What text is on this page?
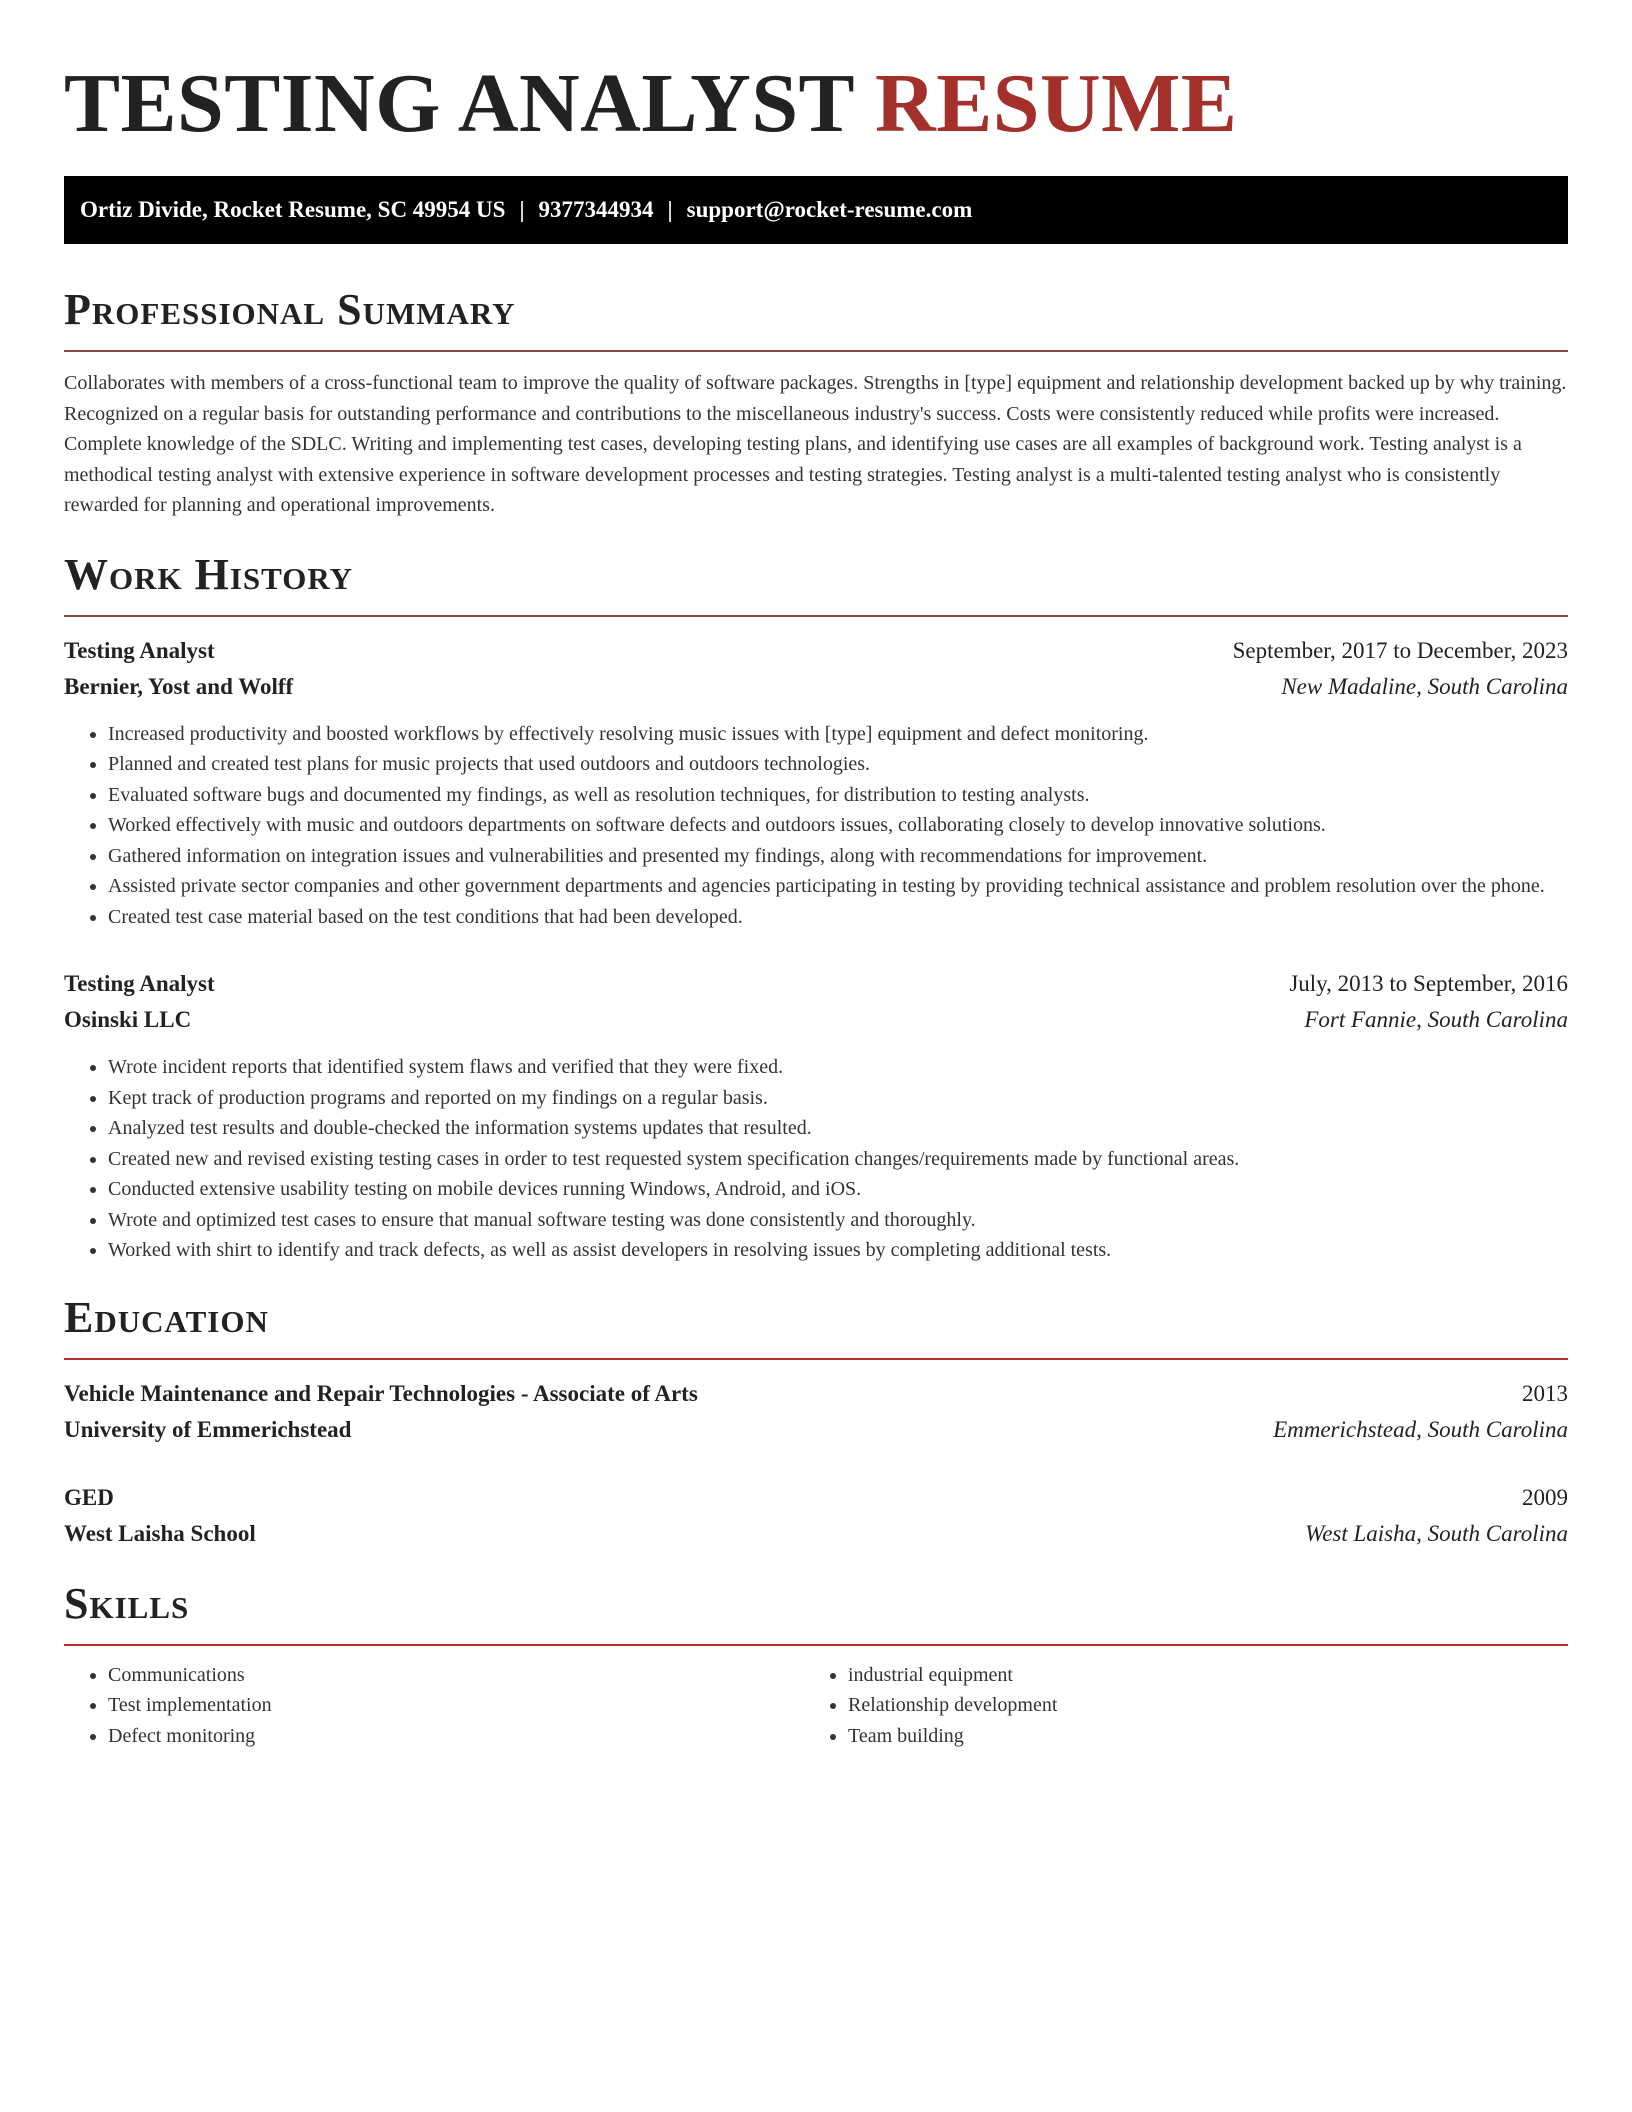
TESTING ANALYST RESUME
Ortiz Divide, Rocket Resume, SC 49954 US | 9377344934 | support@rocket-resume.com
Professional Summary

Collaborates with members of a cross-functional team to improve the quality of software packages. Strengths in [type] equipment and relationship development backed up by why training. Recognized on a regular basis for outstanding performance and contributions to the miscellaneous industry's success. Costs were consistently reduced while profits were increased. Complete knowledge of the SDLC. Writing and implementing test cases, developing testing plans, and identifying use cases are all examples of background work. Testing analyst is a methodical testing analyst with extensive experience in software development processes and testing strategies. Testing analyst is a multi-talented testing analyst who is consistently rewarded for planning and operational improvements.

Work History
Testing Analyst	September, 2017 to December, 2023
Bernier, Yost and Wolff	New Madaline, South Carolina
• Increased productivity and boosted workflows by effectively resolving music issues with [type] equipment and defect monitoring.
• Planned and created test plans for music projects that used outdoors and outdoors technologies.
• Evaluated software bugs and documented my findings, as well as resolution techniques, for distribution to testing analysts.
• Worked effectively with music and outdoors departments on software defects and outdoors issues, collaborating closely to develop innovative solutions.
• Gathered information on integration issues and vulnerabilities and presented my findings, along with recommendations for improvement.
• Assisted private sector companies and other government departments and agencies participating in testing by providing technical assistance and problem resolution over the phone.
• Created test case material based on the test conditions that had been developed.
Testing Analyst	July, 2013 to September, 2016
Osinski LLC	Fort Fannie, South Carolina
• Wrote incident reports that identified system flaws and verified that they were fixed.
• Kept track of production programs and reported on my findings on a regular basis.
• Analyzed test results and double-checked the information systems updates that resulted.
• Created new and revised existing testing cases in order to test requested system specification changes/requirements made by functional areas.
• Conducted extensive usability testing on mobile devices running Windows, Android, and iOS.
• Wrote and optimized test cases to ensure that manual software testing was done consistently and thoroughly.
• Worked with shirt to identify and track defects, as well as assist developers in resolving issues by completing additional tests.
Education
Vehicle Maintenance and Repair Technologies - Associate of Arts	2013
University of Emmerichstead	Emmerichstead, South Carolina
GED	2009
West Laisha School	West Laisha, South Carolina
Skills
• Communications
• Test implementation
• Defect monitoring
• industrial equipment
• Relationship development
• Team building
